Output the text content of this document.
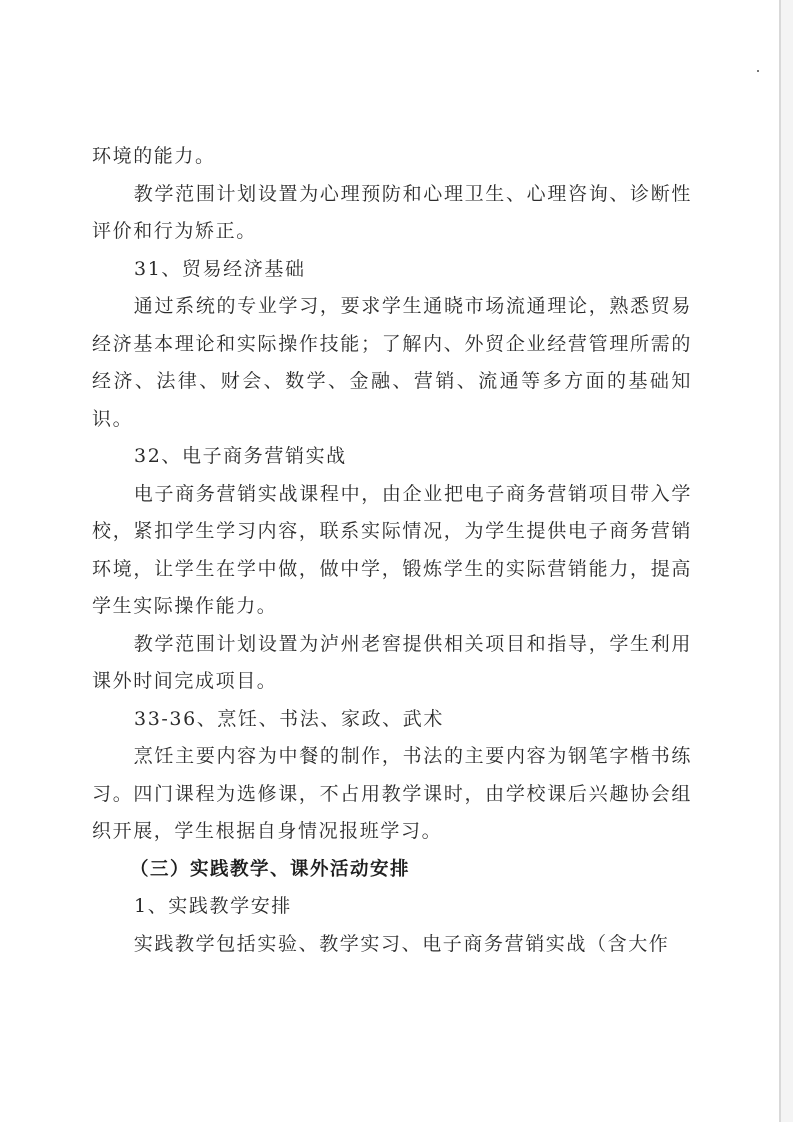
环境的能力。

教学范围计划设置为心理预防和心理卫生、心理咨询、诊断性评价和行为矫正。

31、贸易经济基础

通过系统的专业学习，要求学生通晓市场流通理论，熟悉贸易经济基本理论和实际操作技能；了解内、外贸企业经营管理所需的经济、法律、财会、数学、金融、营销、流通等多方面的基础知识。

32、电子商务营销实战

电子商务营销实战课程中，由企业把电子商务营销项目带入学校，紧扣学生学习内容，联系实际情况，为学生提供电子商务营销环境，让学生在学中做，做中学，锻炼学生的实际营销能力，提高学生实际操作能力。

教学范围计划设置为泸州老窖提供相关项目和指导，学生利用课外时间完成项目。

33-36、烹饪、书法、家政、武术

烹饪主要内容为中餐的制作，书法的主要内容为钢笔字楷书练习。四门课程为选修课，不占用教学课时，由学校课后兴趣协会组织开展，学生根据自身情况报班学习。

（三）实践教学、课外活动安排

1、实践教学安排

实践教学包括实验、教学实习、电子商务营销实战（含大作
